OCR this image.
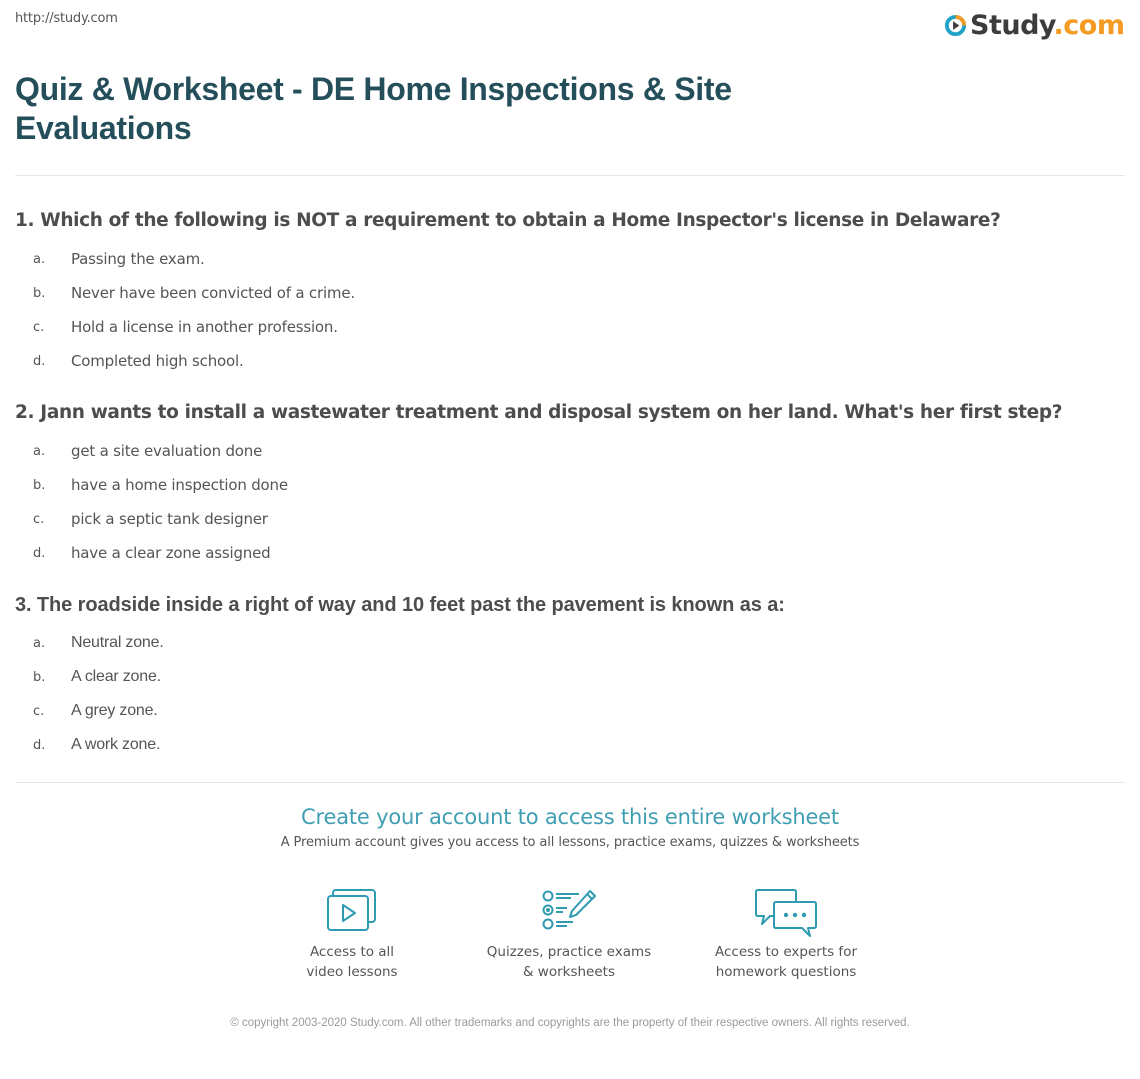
http://study.com	Study.com
Quiz & Worksheet - DE Home Inspections & Site Evaluations
1. Which of the following is NOT a requirement to obtain a Home Inspector's license in Delaware?
a.	Passing the exam.
b.	Never have been convicted of a crime.
c.	Hold a license in another profession.
d.	Completed high school.
2. Jann wants to install a wastewater treatment and disposal system on her land. What's her first step?
a.	get a site evaluation done
b.	have a home inspection done
c.	pick a septic tank designer
d.	have a clear zone assigned
3. The roadside inside a right of way and 10 feet past the pavement is known as a:
a.	Neutral zone.
b.	A clear zone.
c.	A grey zone.
d.	A work zone.
Create your account to access this entire worksheet
A Premium account gives you access to all lessons, practice exams, quizzes & worksheets
Access to all
video lessons
Quizzes, practice exams
& worksheets
Access to experts for
homework questions
© copyright 2003-2020 Study.com. All other trademarks and copyrights are the property of their respective owners. All rights reserved.
